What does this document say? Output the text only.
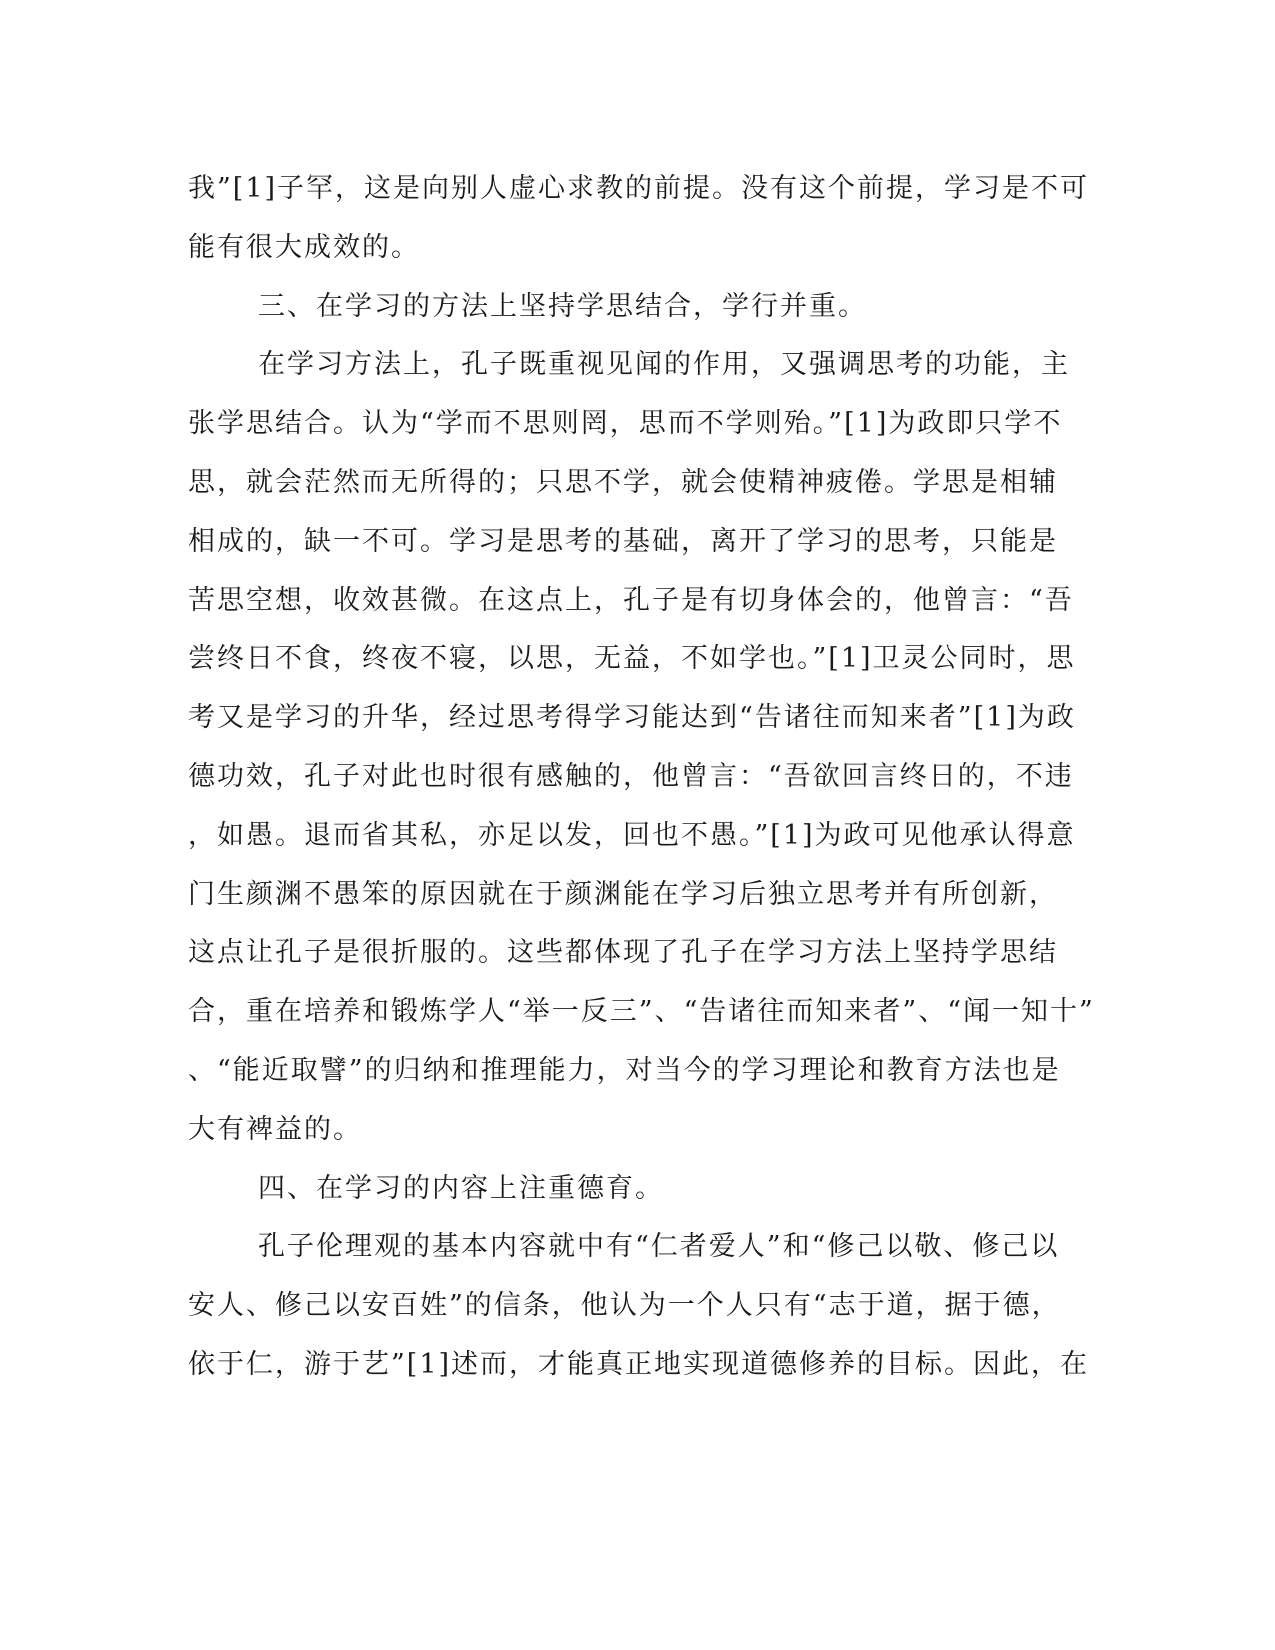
我”[1]子罕，这是向别人虚心求教的前提。没有这个前提，学习是不可
能有很大成效的。
三、在学习的方法上坚持学思结合，学行并重。
在学习方法上，孔子既重视见闻的作用，又强调思考的功能，主
张学思结合。认为“学而不思则罔，思而不学则殆。”[1]为政即只学不
思，就会茫然而无所得的；只思不学，就会使精神疲倦。学思是相辅
相成的，缺一不可。学习是思考的基础，离开了学习的思考，只能是
苦思空想，收效甚微。在这点上，孔子是有切身体会的，他曾言：“吾
尝终日不食，终夜不寝，以思，无益，不如学也。”[1]卫灵公同时，思
考又是学习的升华，经过思考得学习能达到“告诸往而知来者”[1]为政
德功效，孔子对此也时很有感触的，他曾言：“吾欲回言终日的，不违
，如愚。退而省其私，亦足以发，回也不愚。”[1]为政可见他承认得意
门生颜渊不愚笨的原因就在于颜渊能在学习后独立思考并有所创新，
这点让孔子是很折服的。这些都体现了孔子在学习方法上坚持学思结
合，重在培养和锻炼学人“举一反三”、“告诸往而知来者”、“闻一知十”
、“能近取譬”的归纳和推理能力，对当今的学习理论和教育方法也是
大有裨益的。
四、在学习的内容上注重德育。
孔子伦理观的基本内容就中有“仁者爱人”和“修己以敬、修己以
安人、修己以安百姓”的信条，他认为一个人只有“志于道，据于德，
依于仁，游于艺”[1]述而，才能真正地实现道德修养的目标。因此，在
